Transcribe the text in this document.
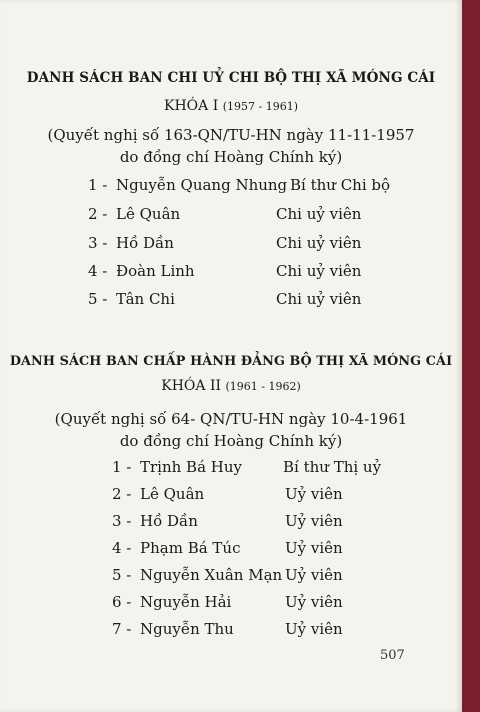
DANH SÁCH BAN CHI UỶ CHI BỘ THỊ XÃ MÓNG CÁI
KHÓA I (1957 - 1961)
(Quyết nghị số 163-QN/TU-HN ngày 11-11-1957
do đồng chí Hoàng Chính ký)
1 - Nguyễn Quang Nhung Bí thư Chi bộ
2 - Lê Quân	Chi uỷ viên
3 - Hồ Dần	Chi uỷ viên
4 - Đoàn Linh	Chi uỷ viên
5 - Tân Chi	Chi uỷ viên
DANH SÁCH BAN CHẤP HÀNH ĐẢNG BỘ THỊ XÃ MÓNG CÁI
KHÓA II (1961 - 1962)
(Quyết nghị số 64- QN/TU-HN ngày 10-4-1961
do đồng chí Hoàng Chính ký)
1 - Trịnh Bá Huy	Bí thư Thị uỷ
2 - Lê Quân	Uỷ viên
3 - Hồ Dần	Uỷ viên
4 - Phạm Bá Túc	Uỷ viên
5 - Nguyễn Xuân Mạn Uỷ viên
6 - Nguyễn Hải	Uỷ viên
7 - Nguyễn Thu	Uỷ viên
507
